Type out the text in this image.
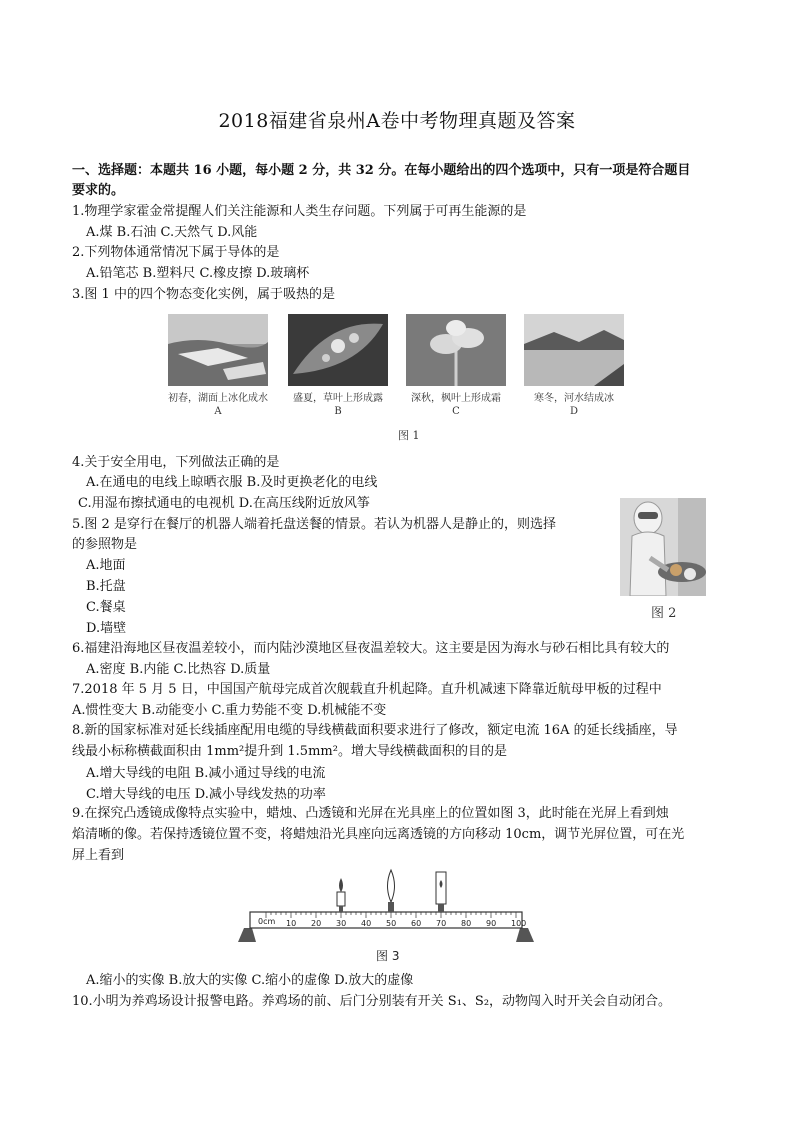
2018福建省泉州A卷中考物理真题及答案
一、选择题：本题共 16 小题，每小题 2 分，共 32 分。在每小题给出的四个选项中，只有一项是符合题目
要求的。
1.物理学家霍金常提醒人们关注能源和人类生存问题。下列属于可再生能源的是
A.煤 B.石油 C.天然气 D.风能
2.下列物体通常情况下属于导体的是
A.铅笔芯 B.塑料尺 C.橡皮擦 D.玻璃杯
3.图 1 中的四个物态变化实例，属于吸热的是
初春，湖面上冰化成水
A
盛夏，草叶上形成露
B
深秋，枫叶上形成霜
C
寒冬，河水结成冰
D
图 1
4.关于安全用电，下列做法正确的是
A.在通电的电线上晾晒衣服 B.及时更换老化的电线
C.用湿布擦拭通电的电视机 D.在高压线附近放风筝
5.图 2 是穿行在餐厅的机器人端着托盘送餐的情景。若认为机器人是静止的，则选择
的参照物是
A.地面
B.托盘
C.餐桌
D.墙壁
图 2
6.福建沿海地区昼夜温差较小，而内陆沙漠地区昼夜温差较大。这主要是因为海水与砂石相比具有较大的
A.密度 B.内能 C.比热容 D.质量
7.2018 年 5 月 5 日，中国国产航母完成首次舰载直升机起降。直升机减速下降靠近航母甲板的过程中
A.惯性变大 B.动能变小 C.重力势能不变 D.机械能不变
8.新的国家标准对延长线插座配用电缆的导线横截面积要求进行了修改，额定电流 16A 的延长线插座，导
线最小标称横截面积由 1mm²提升到 1.5mm²。增大导线横截面积的目的是
A.增大导线的电阻 B.减小通过导线的电流
C.增大导线的电压 D.减小导线发热的功率
9.在探究凸透镜成像特点实验中，蜡烛、凸透镜和光屏在光具座上的位置如图 3，此时能在光屏上看到烛
焰清晰的像。若保持透镜位置不变，将蜡烛沿光具座向远离透镜的方向移动 10cm，调节光屏位置，可在光
屏上看到
0cm 10 20 30 40 50 60 70 80 90 100
图 3
A.缩小的实像 B.放大的实像 C.缩小的虚像 D.放大的虚像
10.小明为养鸡场设计报警电路。养鸡场的前、后门分别装有开关 S₁、S₂，动物闯入时开关会自动闭合。
